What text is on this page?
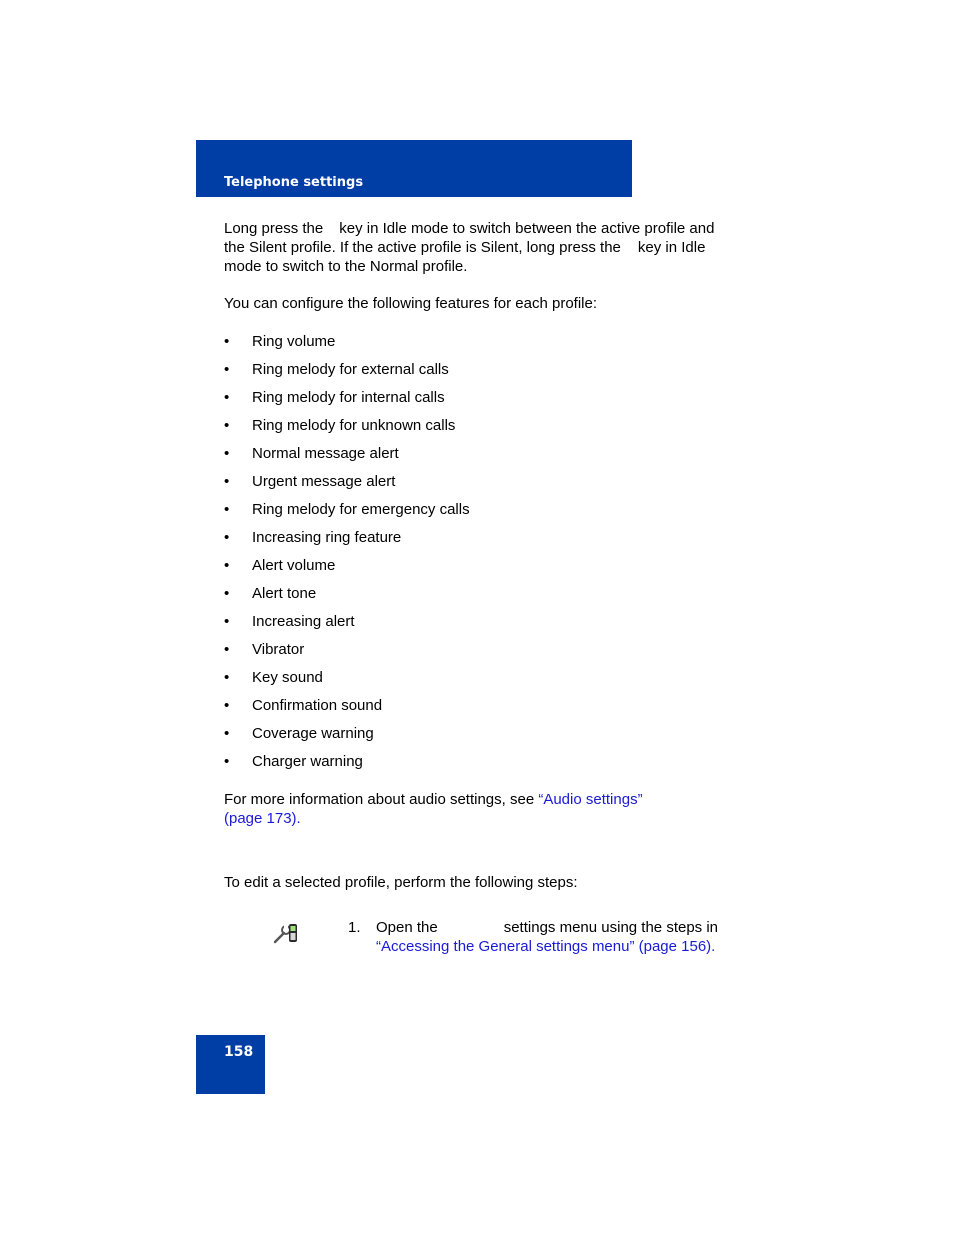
Telephone settings
Long press the key in Idle mode to switch between the active profile and
the Silent profile. If the active profile is Silent, long press the key in Idle
mode to switch to the Normal profile.
You can configure the following features for each profile:
• Ring volume
• Ring melody for external calls
• Ring melody for internal calls
• Ring melody for unknown calls
• Normal message alert
• Urgent message alert
• Ring melody for emergency calls
• Increasing ring feature
• Alert volume
• Alert tone
• Increasing alert
• Vibrator
• Key sound
• Confirmation sound
• Coverage warning
• Charger warning
For more information about audio settings, see “Audio settings”
(page 173).
To edit a selected profile, perform the following steps:
1. Open the	settings menu using the steps in
“Accessing the General settings menu” (page 156).
158
